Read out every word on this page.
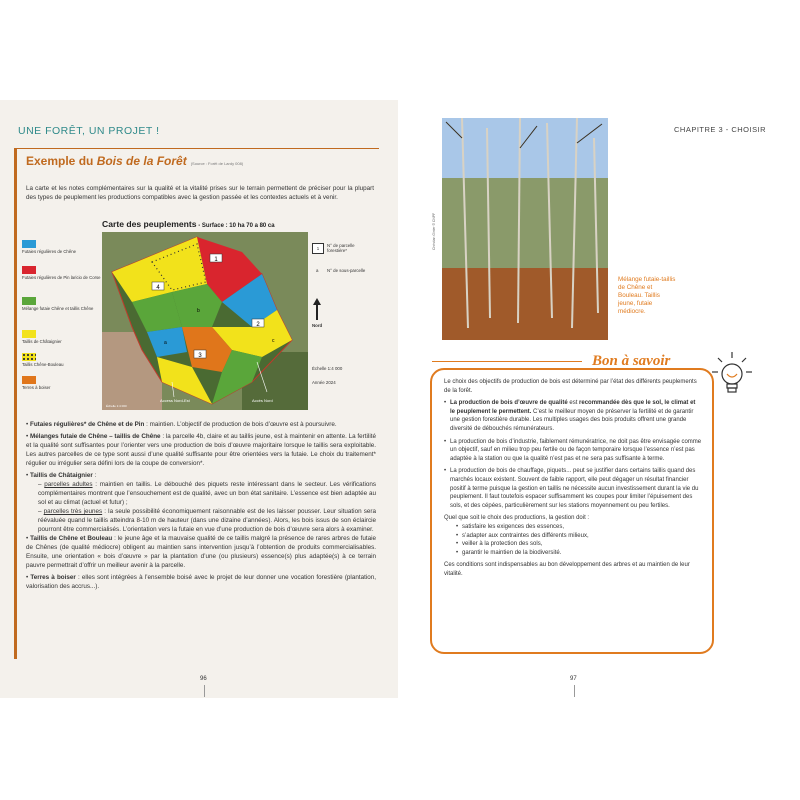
UNE FORÊT, UN PROJET !
Exemple du Bois de la Forêt (Source : Forêt de Lardy 008)
La carte et les notes complémentaires sur la qualité et la vitalité prises sur le terrain permettent de préciser pour la plupart des types de peuplement les productions compatibles avec la gestion passée et les contextes actuels et à venir.
Carte des peuplements - Surface : 10 ha 70 a 80 ca
Futaies régulières de Chêne
Futaies régulières de Pin laricio de Corse
Mélange futaie Chêne et taillis Chêne
Taillis de Châtaignier
Taillis Chêne-Bouleau
Terres à boiser
1
4
2
3
b
a	c
Access Nord-Est	Accès Nord
Échelle 1:4 000
1
N° de parcelle forestière*
a N° de sous-parcelle
Nord
Échelle 1:4 000
Année 2024

• Futaies régulières* de Chêne et de Pin : maintien. L’objectif de production de bois d’œuvre est à poursuivre.

• Mélanges futaie de Chêne – taillis de Chêne : la parcelle 4b, claire et au taillis jeune, est à maintenir en attente. La fertilité et la qualité sont suffisantes pour l’orienter vers une production de bois d’œuvre majoritaire lorsque le taillis sera exploitable. Les autres parcelles de ce type sont aussi d’une qualité suffisante pour être orientées vers la futaie. Le choix du traitement* régulier ou irrégulier sera défini lors de la coupe de conversion*.

• Taillis de Châtaignier :

– parcelles adultes : maintien en taillis. Le débouché des piquets reste intéressant dans le secteur. Les vérifications complémentaires montrent que l’ensouchement est de qualité, avec un bon état sanitaire. L’essence est bien adaptée au sol et au climat (actuel et futur) ;

– parcelles très jeunes : la seule possibilité économiquement raisonnable est de les laisser pousser. Leur situation sera réévaluée quand le taillis atteindra 8-10 m de hauteur (dans une dizaine d’années). Alors, les bois issus de son éclaircie pourront être commercialisés. L’orientation vers la futaie en vue d’une production de bois d’œuvre sera alors à examiner.

• Taillis de Chêne et Bouleau : le jeune âge et la mauvaise qualité de ce taillis malgré la présence de rares arbres de futaie de Chênes (de qualité médiocre) obligent au maintien sans intervention jusqu’à l’obtention de produits commercialisables. Ensuite, une orientation « bois d’œuvre » par la plantation d’une (ou plusieurs) essence(s) plus adaptée(s) à ce terrain pauvre permettrait d’offrir un meilleur avenir à la parcelle.

• Terres à boiser : elles sont intégrées à l’ensemble boisé avec le projet de leur donner une vocation forestière (plantation, valorisation des accrus...).

96
CHAPITRE 3 - CHOISIR
Christian Ginter © CNPF
Mélange futaie-taillis de Chêne et Bouleau. Taillis jeune, futaie médiocre.
Bon à savoir

Le choix des objectifs de production de bois est déterminé par l’état des différents peuplements de la forêt.

• La production de bois d’œuvre de qualité est recommandée dès que le sol, le climat et le peuplement le permettent. C’est le meilleur moyen de préserver la fertilité et de garantir une gestion forestière durable. Les multiples usages des bois produits offrent une grande diversité de débouchés rémunérateurs.

• La production de bois d’industrie, faiblement rémunératrice, ne doit pas être envisagée comme un objectif, sauf en milieu trop peu fertile ou de façon temporaire lorsque l’essence n’est pas adaptée à la station ou que la qualité n’est pas et ne sera pas suffisante à terme.

• La production de bois de chauffage, piquets... peut se justifier dans certains taillis quand des marchés locaux existent. Souvent de faible rapport, elle peut dégager un résultat financier positif à terme puisque la gestion en taillis ne nécessite aucun investissement durant la vie du peuplement. Il faut toutefois espacer suffisamment les coupes pour limiter l’épuisement des sols, et des cépées, particulièrement sur les stations moyennement ou peu fertiles.

Quel que soit le choix des productions, la gestion doit :

• satisfaire les exigences des essences,

• s’adapter aux contraintes des différents milieux,

• veiller à la protection des sols,

• garantir le maintien de la biodiversité.

Ces conditions sont indispensables au bon développement des arbres et au maintien de leur vitalité.

97
